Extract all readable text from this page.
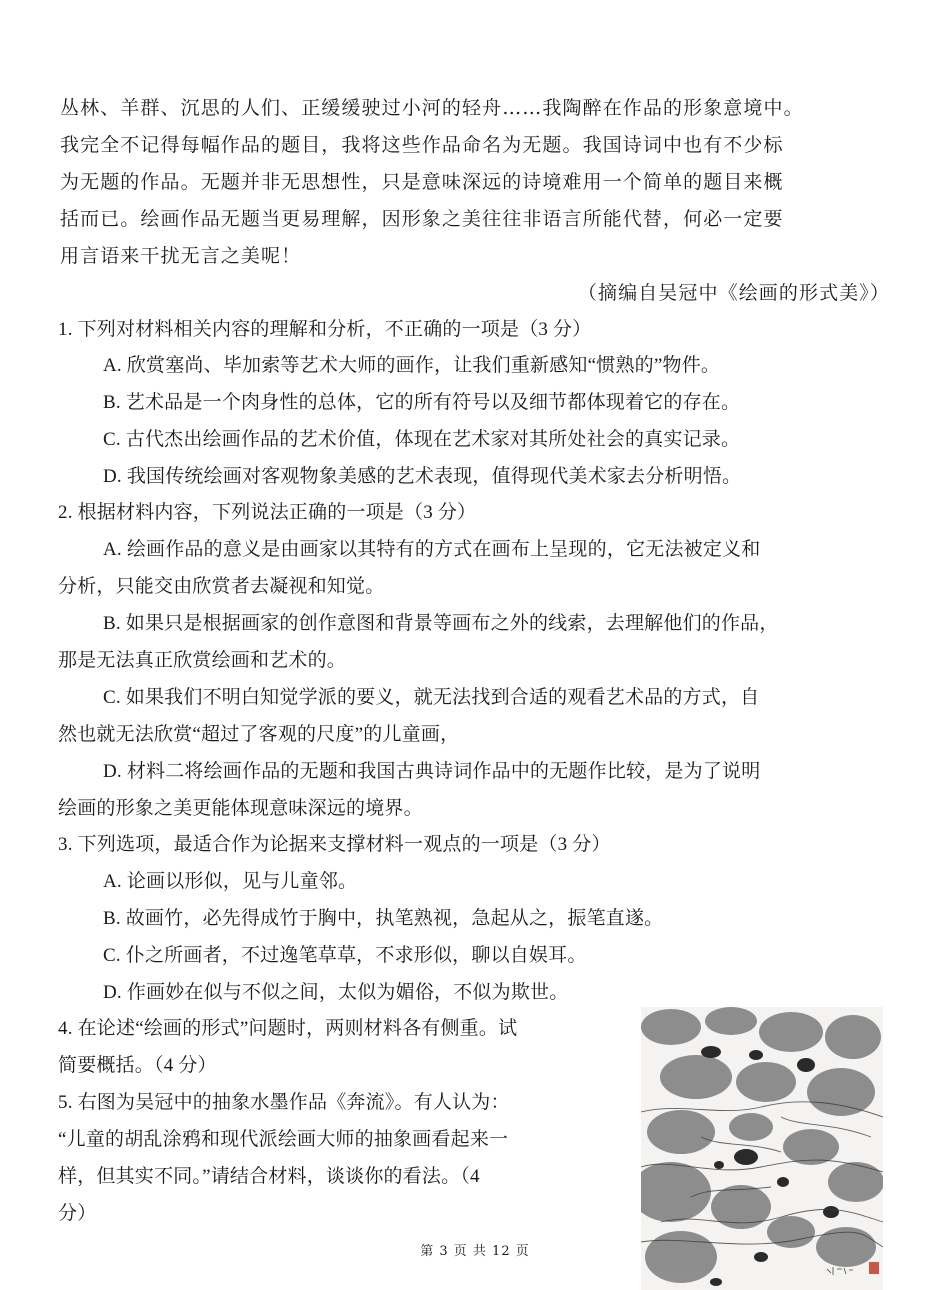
丛林、羊群、沉思的人们、正缓缓驶过小河的轻舟……我陶醉在作品的形象意境中。
我完全不记得每幅作品的题目，我将这些作品命名为无题。我国诗词中也有不少标
为无题的作品。无题并非无思想性，只是意味深远的诗境难用一个简单的题目来概
括而已。绘画作品无题当更易理解，因形象之美往往非语言所能代替，何必一定要
用言语来干扰无言之美呢！
（摘编自吴冠中《绘画的形式美》）
1. 下列对材料相关内容的理解和分析，不正确的一项是（3 分）
A. 欣赏塞尚、毕加索等艺术大师的画作，让我们重新感知“惯熟的”物件。
B. 艺术品是一个肉身性的总体，它的所有符号以及细节都体现着它的存在。
C. 古代杰出绘画作品的艺术价值，体现在艺术家对其所处社会的真实记录。
D. 我国传统绘画对客观物象美感的艺术表现，值得现代美术家去分析明悟。
2. 根据材料内容，下列说法正确的一项是（3 分）
A. 绘画作品的意义是由画家以其特有的方式在画布上呈现的，它无法被定义和
分析，只能交由欣赏者去凝视和知觉。
B. 如果只是根据画家的创作意图和背景等画布之外的线索，去理解他们的作品，
那是无法真正欣赏绘画和艺术的。
C. 如果我们不明白知觉学派的要义，就无法找到合适的观看艺术品的方式，自
然也就无法欣赏“超过了客观的尺度”的儿童画，
D. 材料二将绘画作品的无题和我国古典诗词作品中的无题作比较，是为了说明
绘画的形象之美更能体现意味深远的境界。
3. 下列选项，最适合作为论据来支撑材料一观点的一项是（3 分）
A. 论画以形似，见与儿童邻。
B. 故画竹，必先得成竹于胸中，执笔熟视，急起从之，振笔直遂。
C. 仆之所画者，不过逸笔草草，不求形似，聊以自娱耳。
D. 作画妙在似与不似之间，太似为媚俗，不似为欺世。
4. 在论述“绘画的形式”问题时，两则材料各有侧重。试
简要概括。（4 分）
5. 右图为吴冠中的抽象水墨作品《奔流》。有人认为：
“儿童的胡乱涂鸦和现代派绘画大师的抽象画看起来一
样，但其实不同。”请结合材料，谈谈你的看法。（4
分）
第 3 页 共 12 页
